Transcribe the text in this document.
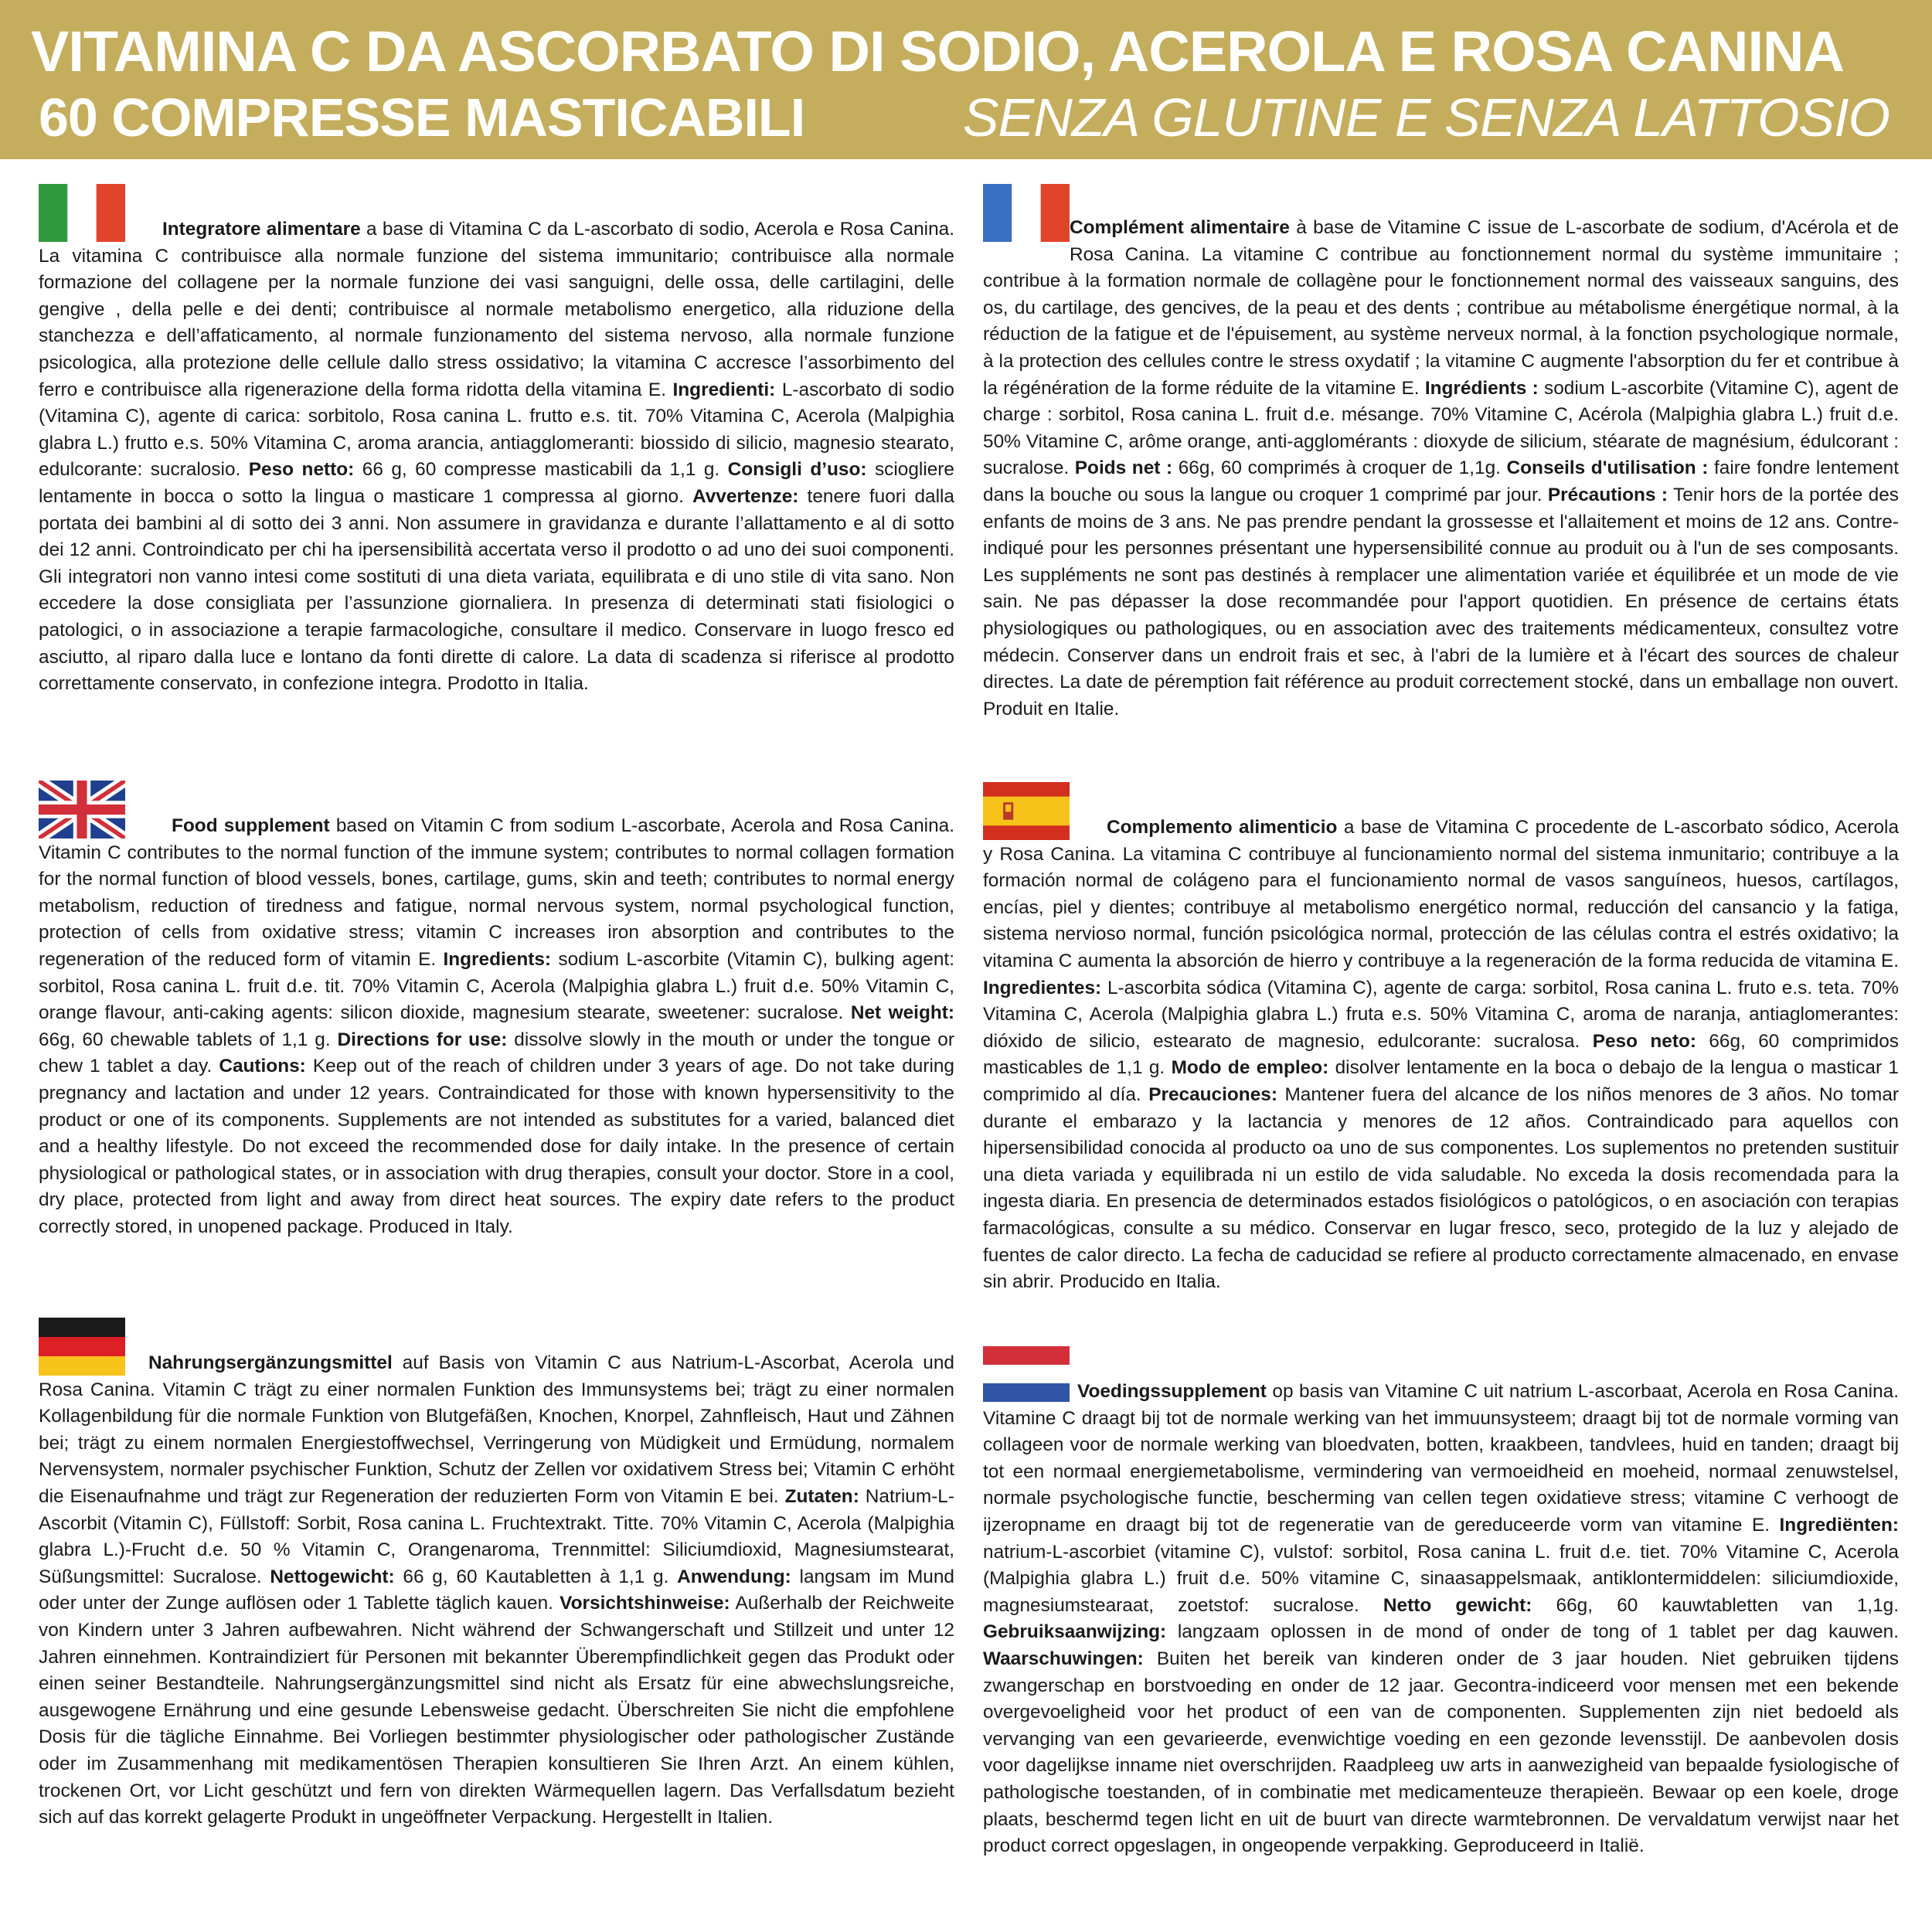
VITAMINA C DA ASCORBATO DI SODIO, ACEROLA E ROSA CANINA
60 COMPRESSE MASTICABILI	SENZA GLUTINE E SENZA LATTOSIO
Integratore alimentare a base di Vitamina C da L-ascorbato di sodio, Acerola e Rosa Canina. La vitamina C contribuisce alla normale funzione del sistema immunitario; contribuisce alla normale formazione del collagene per la normale funzione dei vasi sanguigni, delle ossa, delle cartilagini, delle gengive , della pelle e dei denti; contribuisce al normale metabolismo energetico, alla riduzione della stanchezza e dell’affaticamento, al normale funzionamento del sistema nervoso, alla normale funzione psicologica, alla protezione delle cellule dallo stress ossidativo; la vitamina C accresce l’assorbimento del ferro e contribuisce alla rigenerazione della forma ridotta della vitamina E. Ingredienti: L-ascorbato di sodio (Vitamina C), agente di carica: sorbitolo, Rosa canina L. frutto e.s. tit. 70% Vitamina C, Acerola (Malpighia glabra L.) frutto e.s. 50% Vitamina C, aroma arancia, antiagglomeranti: biossido di silicio, magnesio stearato, edulcorante: sucralosio. Peso netto: 66 g, 60 compresse masticabili da 1,1 g. Consigli d’uso: sciogliere lentamente in bocca o sotto la lingua o masticare 1 compressa al giorno. Avvertenze: tenere fuori dalla portata dei bambini al di sotto dei 3 anni. Non assumere in gravidanza e durante l’allattamento e al di sotto dei 12 anni. Controindicato per chi ha ipersensibilità accertata verso il prodotto o ad uno dei suoi componenti. Gli integratori non vanno intesi come sostituti di una dieta variata, equilibrata e di uno stile di vita sano. Non eccedere la dose consigliata per l’assunzione giornaliera. In presenza di determinati stati fisiologici o patologici, o in associazione a terapie farmacologiche, consultare il medico. Conservare in luogo fresco ed asciutto, al riparo dalla luce e lontano da fonti dirette di calore. La data di scadenza si riferisce al prodotto correttamente conservato, in confezione integra. Prodotto in Italia.
Complément alimentaire à base de Vitamine C issue de L-ascorbate de sodium, d'Acérola et de Rosa Canina. La vitamine C contribue au fonctionnement normal du système immunitaire ; contribue à la formation normale de collagène pour le fonctionnement normal des vaisseaux sanguins, des os, du cartilage, des gencives, de la peau et des dents ; contribue au métabolisme énergétique normal, à la réduction de la fatigue et de l'épuisement, au système nerveux normal, à la fonction psychologique normale, à la protection des cellules contre le stress oxydatif ; la vitamine C augmente l'absorption du fer et contribue à la régénération de la forme réduite de la vitamine E. Ingrédients : sodium L-ascorbite (Vitamine C), agent de charge : sorbitol, Rosa canina L. fruit d.e. mésange. 70% Vitamine C, Acérola (Malpighia glabra L.) fruit d.e. 50% Vitamine C, arôme orange, anti-agglomérants : dioxyde de silicium, stéarate de magnésium, édulcorant : sucralose. Poids net : 66g, 60 comprimés à croquer de 1,1g. Conseils d'utilisation : faire fondre lentement dans la bouche ou sous la langue ou croquer 1 comprimé par jour. Précautions : Tenir hors de la portée des enfants de moins de 3 ans. Ne pas prendre pendant la grossesse et l'allaitement et moins de 12 ans. Contre-indiqué pour les personnes présentant une hypersensibilité connue au produit ou à l'un de ses composants. Les suppléments ne sont pas destinés à remplacer une alimentation variée et équilibrée et un mode de vie sain. Ne pas dépasser la dose recommandée pour l'apport quotidien. En présence de certains états physiologiques ou pathologiques, ou en association avec des traitements médicamenteux, consultez votre médecin. Conserver dans un endroit frais et sec, à l'abri de la lumière et à l'écart des sources de chaleur directes. La date de péremption fait référence au produit correctement stocké, dans un emballage non ouvert. Produit en Italie.
Food supplement based on Vitamin C from sodium L-ascorbate, Acerola and Rosa Canina. Vitamin C contributes to the normal function of the immune system; contributes to normal collagen formation for the normal function of blood vessels, bones, cartilage, gums, skin and teeth; contributes to normal energy metabolism, reduction of tiredness and fatigue, normal nervous system, normal psychological function, protection of cells from oxidative stress; vitamin C increases iron absorption and contributes to the regeneration of the reduced form of vitamin E. Ingredients: sodium L-ascorbite (Vitamin C), bulking agent: sorbitol, Rosa canina L. fruit d.e. tit. 70% Vitamin C, Acerola (Malpighia glabra L.) fruit d.e. 50% Vitamin C, orange flavour, anti-caking agents: silicon dioxide, magnesium stearate, sweetener: sucralose. Net weight: 66g, 60 chewable tablets of 1,1 g. Directions for use: dissolve slowly in the mouth or under the tongue or chew 1 tablet a day. Cautions: Keep out of the reach of children under 3 years of age. Do not take during pregnancy and lactation and under 12 years. Contraindicated for those with known hypersensitivity to the product or one of its components. Supplements are not intended as substitutes for a varied, balanced diet and a healthy lifestyle. Do not exceed the recommended dose for daily intake. In the presence of certain physiological or pathological states, or in association with drug therapies, consult your doctor. Store in a cool, dry place, protected from light and away from direct heat sources. The expiry date refers to the product correctly stored, in unopened package. Produced in Italy.
Complemento alimenticio a base de Vitamina C procedente de L-ascorbato sódico, Acerola y Rosa Canina. La vitamina C contribuye al funcionamiento normal del sistema inmunitario; contribuye a la formación normal de colágeno para el funcionamiento normal de vasos sanguíneos, huesos, cartílagos, encías, piel y dientes; contribuye al metabolismo energético normal, reducción del cansancio y la fatiga, sistema nervioso normal, función psicológica normal, protección de las células contra el estrés oxidativo; la vitamina C aumenta la absorción de hierro y contribuye a la regeneración de la forma reducida de vitamina E. Ingredientes: L-ascorbita sódica (Vitamina C), agente de carga: sorbitol, Rosa canina L. fruto e.s. teta. 70% Vitamina C, Acerola (Malpighia glabra L.) fruta e.s. 50% Vitamina C, aroma de naranja, antiaglomerantes: dióxido de silicio, estearato de magnesio, edulcorante: sucralosa. Peso neto: 66g, 60 comprimidos masticables de 1,1 g. Modo de empleo: disolver lentamente en la boca o debajo de la lengua o masticar 1 comprimido al día. Precauciones: Mantener fuera del alcance de los niños menores de 3 años. No tomar durante el embarazo y la lactancia y menores de 12 años. Contraindicado para aquellos con hipersensibilidad conocida al producto oa uno de sus componentes. Los suplementos no pretenden sustituir una dieta variada y equilibrada ni un estilo de vida saludable. No exceda la dosis recomendada para la ingesta diaria. En presencia de determinados estados fisiológicos o patológicos, o en asociación con terapias farmacológicas, consulte a su médico. Conservar en lugar fresco, seco, protegido de la luz y alejado de fuentes de calor directo. La fecha de caducidad se refiere al producto correctamente almacenado, en envase sin abrir. Producido en Italia.
Nahrungsergänzungsmittel auf Basis von Vitamin C aus Natrium-L-Ascorbat, Acerola und Rosa Canina. Vitamin C trägt zu einer normalen Funktion des Immunsystems bei; trägt zu einer normalen Kollagenbildung für die normale Funktion von Blutgefäßen, Knochen, Knorpel, Zahnfleisch, Haut und Zähnen bei; trägt zu einem normalen Energiestoffwechsel, Verringerung von Müdigkeit und Ermüdung, normalem Nervensystem, normaler psychischer Funktion, Schutz der Zellen vor oxidativem Stress bei; Vitamin C erhöht die Eisenaufnahme und trägt zur Regeneration der reduzierten Form von Vitamin E bei. Zutaten: Natrium-L-Ascorbit (Vitamin C), Füllstoff: Sorbit, Rosa canina L. Fruchtextrakt. Titte. 70% Vitamin C, Acerola (Malpighia glabra L.)-Frucht d.e. 50 % Vitamin C, Orangenaroma, Trennmittel: Siliciumdioxid, Magnesiumstearat, Süßungsmittel: Sucralose. Nettogewicht: 66 g, 60 Kautabletten à 1,1 g. Anwendung: langsam im Mund oder unter der Zunge auflösen oder 1 Tablette täglich kauen. Vorsichtshinweise: Außerhalb der Reichweite von Kindern unter 3 Jahren aufbewahren. Nicht während der Schwangerschaft und Stillzeit und unter 12 Jahren einnehmen. Kontraindiziert für Personen mit bekannter Überempfindlichkeit gegen das Produkt oder einen seiner Bestandteile. Nahrungsergänzungsmittel sind nicht als Ersatz für eine abwechslungsreiche, ausgewogene Ernährung und eine gesunde Lebensweise gedacht. Überschreiten Sie nicht die empfohlene Dosis für die tägliche Einnahme. Bei Vorliegen bestimmter physiologischer oder pathologischer Zustände oder im Zusammenhang mit medikamentösen Therapien konsultieren Sie Ihren Arzt. An einem kühlen, trockenen Ort, vor Licht geschützt und fern von direkten Wärmequellen lagern. Das Verfallsdatum bezieht sich auf das korrekt gelagerte Produkt in ungeöffneter Verpackung. Hergestellt in Italien.
Voedingssupplement op basis van Vitamine C uit natrium L-ascorbaat, Acerola en Rosa Canina. Vitamine C draagt bij tot de normale werking van het immuunsysteem; draagt bij tot de normale vorming van collageen voor de normale werking van bloedvaten, botten, kraakbeen, tandvlees, huid en tanden; draagt bij tot een normaal energiemetabolisme, vermindering van vermoeidheid en moeheid, normaal zenuwstelsel, normale psychologische functie, bescherming van cellen tegen oxidatieve stress; vitamine C verhoogt de ijzeropname en draagt bij tot de regeneratie van de gereduceerde vorm van vitamine E. Ingrediënten: natrium-L-ascorbiet (vitamine C), vulstof: sorbitol, Rosa canina L. fruit d.e. tiet. 70% Vitamine C, Acerola (Malpighia glabra L.) fruit d.e. 50% vitamine C, sinaasappelsmaak, antiklontermiddelen: siliciumdioxide, magnesiumstearaat, zoetstof: sucralose. Netto gewicht: 66g, 60 kauwtabletten van 1,1g. Gebruiksaanwijzing: langzaam oplossen in de mond of onder de tong of 1 tablet per dag kauwen. Waarschuwingen: Buiten het bereik van kinderen onder de 3 jaar houden. Niet gebruiken tijdens zwangerschap en borstvoeding en onder de 12 jaar. Gecontra-indiceerd voor mensen met een bekende overgevoeligheid voor het product of een van de componenten. Supplementen zijn niet bedoeld als vervanging van een gevarieerde, evenwichtige voeding en een gezonde levensstijl. De aanbevolen dosis voor dagelijkse inname niet overschrijden. Raadpleeg uw arts in aanwezigheid van bepaalde fysiologische of pathologische toestanden, of in combinatie met medicamenteuze therapieën. Bewaar op een koele, droge plaats, beschermd tegen licht en uit de buurt van directe warmtebronnen. De vervaldatum verwijst naar het product correct opgeslagen, in ongeopende verpakking. Geproduceerd in Italië.
